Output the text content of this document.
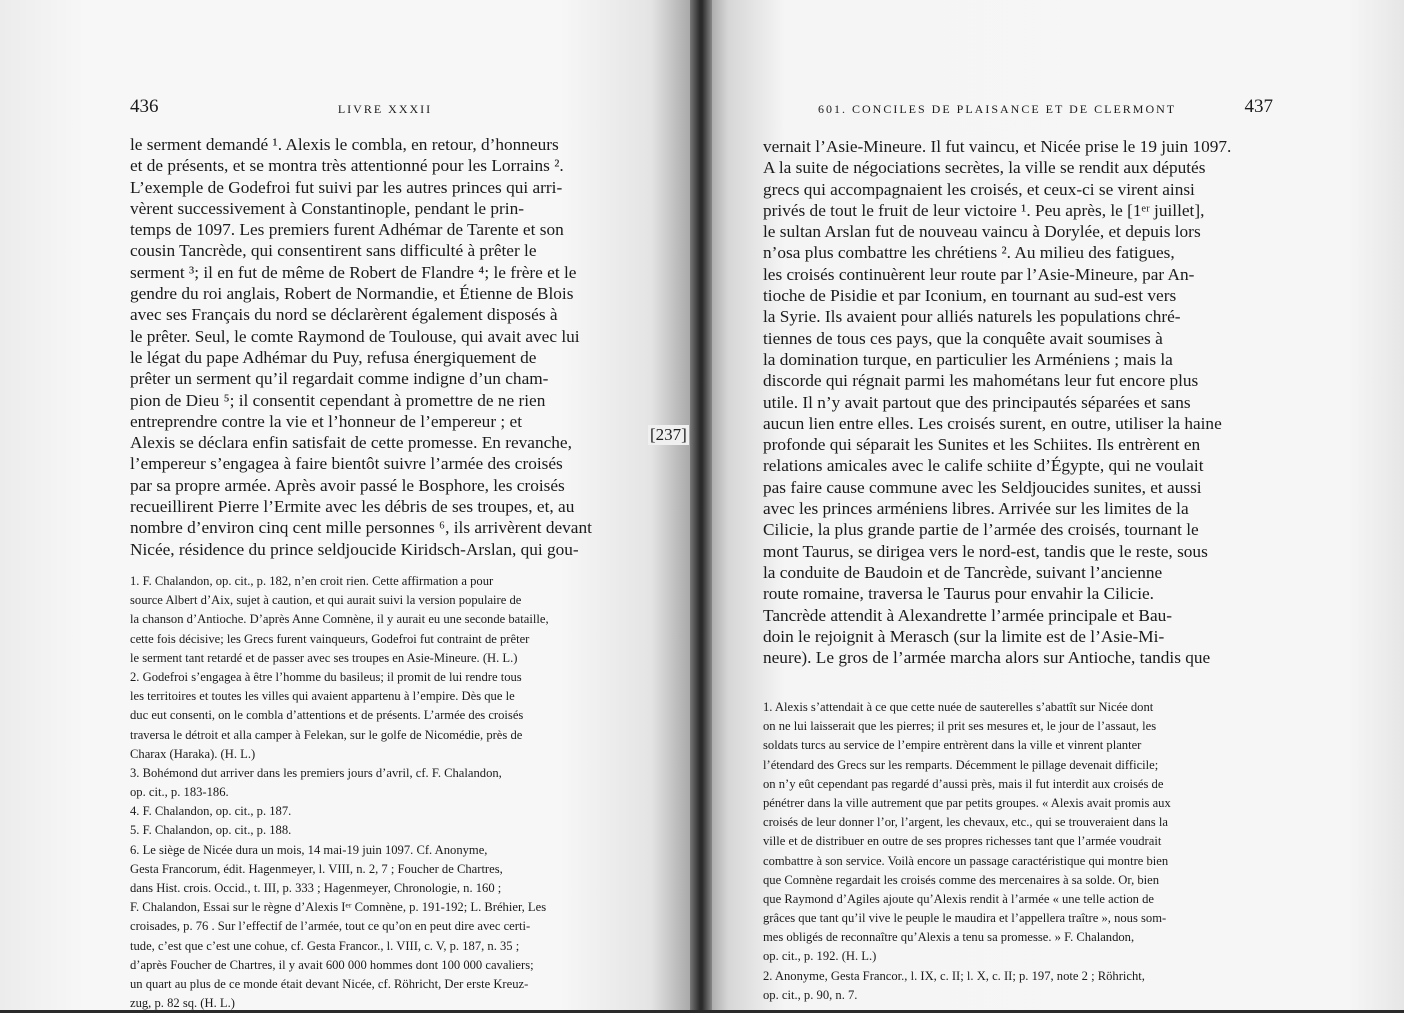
436	LIVRE XXXII	601. CONCILES DE PLAISANCE ET DE CLERMONT	437
le serment demandé ¹. Alexis le combla, en retour, d’honneurs
et de présents, et se montra très attentionné pour les Lorrains ².
L’exemple de Godefroi fut suivi par les autres princes qui arri-
vèrent successivement à Constantinople, pendant le prin-
temps de 1097. Les premiers furent Adhémar de Tarente et son
cousin Tancrède, qui consentirent sans difficulté à prêter le
serment ³; il en fut de même de Robert de Flandre ⁴; le frère et le
gendre du roi anglais, Robert de Normandie, et Étienne de Blois
avec ses Français du nord se déclarèrent également disposés à
le prêter. Seul, le comte Raymond de Toulouse, qui avait avec lui
le légat du pape Adhémar du Puy, refusa énergiquement de
prêter un serment qu’il regardait comme indigne d’un cham-
pion de Dieu ⁵; il consentit cependant à promettre de ne rien
entreprendre contre la vie et l’honneur de l’empereur ; et
Alexis se déclara enfin satisfait de cette promesse. En revanche,
l’empereur s’engagea à faire bientôt suivre l’armée des croisés
par sa propre armée. Après avoir passé le Bosphore, les croisés
recueillirent Pierre l’Ermite avec les débris de ses troupes, et, au
nombre d’environ cinq cent mille personnes ⁶, ils arrivèrent devant
Nicée, résidence du prince seldjoucide Kiridsch-Arslan, qui gou-
1. F. Chalandon, op. cit., p. 182, n’en croit rien. Cette affirmation a pour
source Albert d’Aix, sujet à caution, et qui aurait suivi la version populaire de
la chanson d’Antioche. D’après Anne Comnène, il y aurait eu une seconde bataille,
cette fois décisive; les Grecs furent vainqueurs, Godefroi fut contraint de prêter
le serment tant retardé et de passer avec ses troupes en Asie-Mineure. (H. L.)
2. Godefroi s’engagea à être l’homme du basileus; il promit de lui rendre tous
les territoires et toutes les villes qui avaient appartenu à l’empire. Dès que le
duc eut consenti, on le combla d’attentions et de présents. L’armée des croisés
traversa le détroit et alla camper à Felekan, sur le golfe de Nicomédie, près de
Charax (Haraka). (H. L.)
3. Bohémond dut arriver dans les premiers jours d’avril, cf. F. Chalandon,
op. cit., p. 183-186.
4. F. Chalandon, op. cit., p. 187.
5. F. Chalandon, op. cit., p. 188.
6. Le siège de Nicée dura un mois, 14 mai-19 juin 1097. Cf. Anonyme,
Gesta Francorum, édit. Hagenmeyer, l. VIII, n. 2, 7 ; Foucher de Chartres,
dans Hist. crois. Occid., t. III, p. 333 ; Hagenmeyer, Chronologie, n. 160 ;
F. Chalandon, Essai sur le règne d’Alexis Iᵉʳ Comnène, p. 191-192; L. Bréhier, Les
croisades, p. 76 . Sur l’effectif de l’armée, tout ce qu’on en peut dire avec certi-
tude, c’est que c’est une cohue, cf. Gesta Francor., l. VIII, c. V, p. 187, n. 35 ;
d’après Foucher de Chartres, il y avait 600 000 hommes dont 100 000 cavaliers;
un quart au plus de ce monde était devant Nicée, cf. Röhricht, Der erste Kreuz-
zug, p. 82 sq. (H. L.)
[237]
vernait l’Asie-Mineure. Il fut vaincu, et Nicée prise le 19 juin 1097.
A la suite de négociations secrètes, la ville se rendit aux députés
grecs qui accompagnaient les croisés, et ceux-ci se virent ainsi
privés de tout le fruit de leur victoire ¹. Peu après, le [1ᵉʳ juillet],
le sultan Arslan fut de nouveau vaincu à Dorylée, et depuis lors
n’osa plus combattre les chrétiens ². Au milieu des fatigues,
les croisés continuèrent leur route par l’Asie-Mineure, par An-
tioche de Pisidie et par Iconium, en tournant au sud-est vers
la Syrie. Ils avaient pour alliés naturels les populations chré-
tiennes de tous ces pays, que la conquête avait soumises à
la domination turque, en particulier les Arméniens ; mais la
discorde qui régnait parmi les mahométans leur fut encore plus
utile. Il n’y avait partout que des principautés séparées et sans
aucun lien entre elles. Les croisés surent, en outre, utiliser la haine
profonde qui séparait les Sunites et les Schiites. Ils entrèrent en
relations amicales avec le calife schiite d’Égypte, qui ne voulait
pas faire cause commune avec les Seldjoucides sunites, et aussi
avec les princes arméniens libres. Arrivée sur les limites de la
Cilicie, la plus grande partie de l’armée des croisés, tournant le
mont Taurus, se dirigea vers le nord-est, tandis que le reste, sous
la conduite de Baudoin et de Tancrède, suivant l’ancienne
route romaine, traversa le Taurus pour envahir la Cilicie.
Tancrède attendit à Alexandrette l’armée principale et Bau-
doin le rejoignit à Merasch (sur la limite est de l’Asie-Mi-
neure). Le gros de l’armée marcha alors sur Antioche, tandis que
1. Alexis s’attendait à ce que cette nuée de sauterelles s’abattît sur Nicée dont
on ne lui laisserait que les pierres; il prit ses mesures et, le jour de l’assaut, les
soldats turcs au service de l’empire entrèrent dans la ville et vinrent planter
l’étendard des Grecs sur les remparts. Décemment le pillage devenait difficile;
on n’y eût cependant pas regardé d’aussi près, mais il fut interdit aux croisés de
pénétrer dans la ville autrement que par petits groupes. « Alexis avait promis aux
croisés de leur donner l’or, l’argent, les chevaux, etc., qui se trouveraient dans la
ville et de distribuer en outre de ses propres richesses tant que l’armée voudrait
combattre à son service. Voilà encore un passage caractéristique qui montre bien
que Comnène regardait les croisés comme des mercenaires à sa solde. Or, bien
que Raymond d’Agiles ajoute qu’Alexis rendit à l’armée « une telle action de
grâces que tant qu’il vive le peuple le maudira et l’appellera traître », nous som-
mes obligés de reconnaître qu’Alexis a tenu sa promesse. » F. Chalandon,
op. cit., p. 192. (H. L.)
2. Anonyme, Gesta Francor., l. IX, c. II; l. X, c. II; p. 197, note 2 ; Röhricht,
op. cit., p. 90, n. 7.
